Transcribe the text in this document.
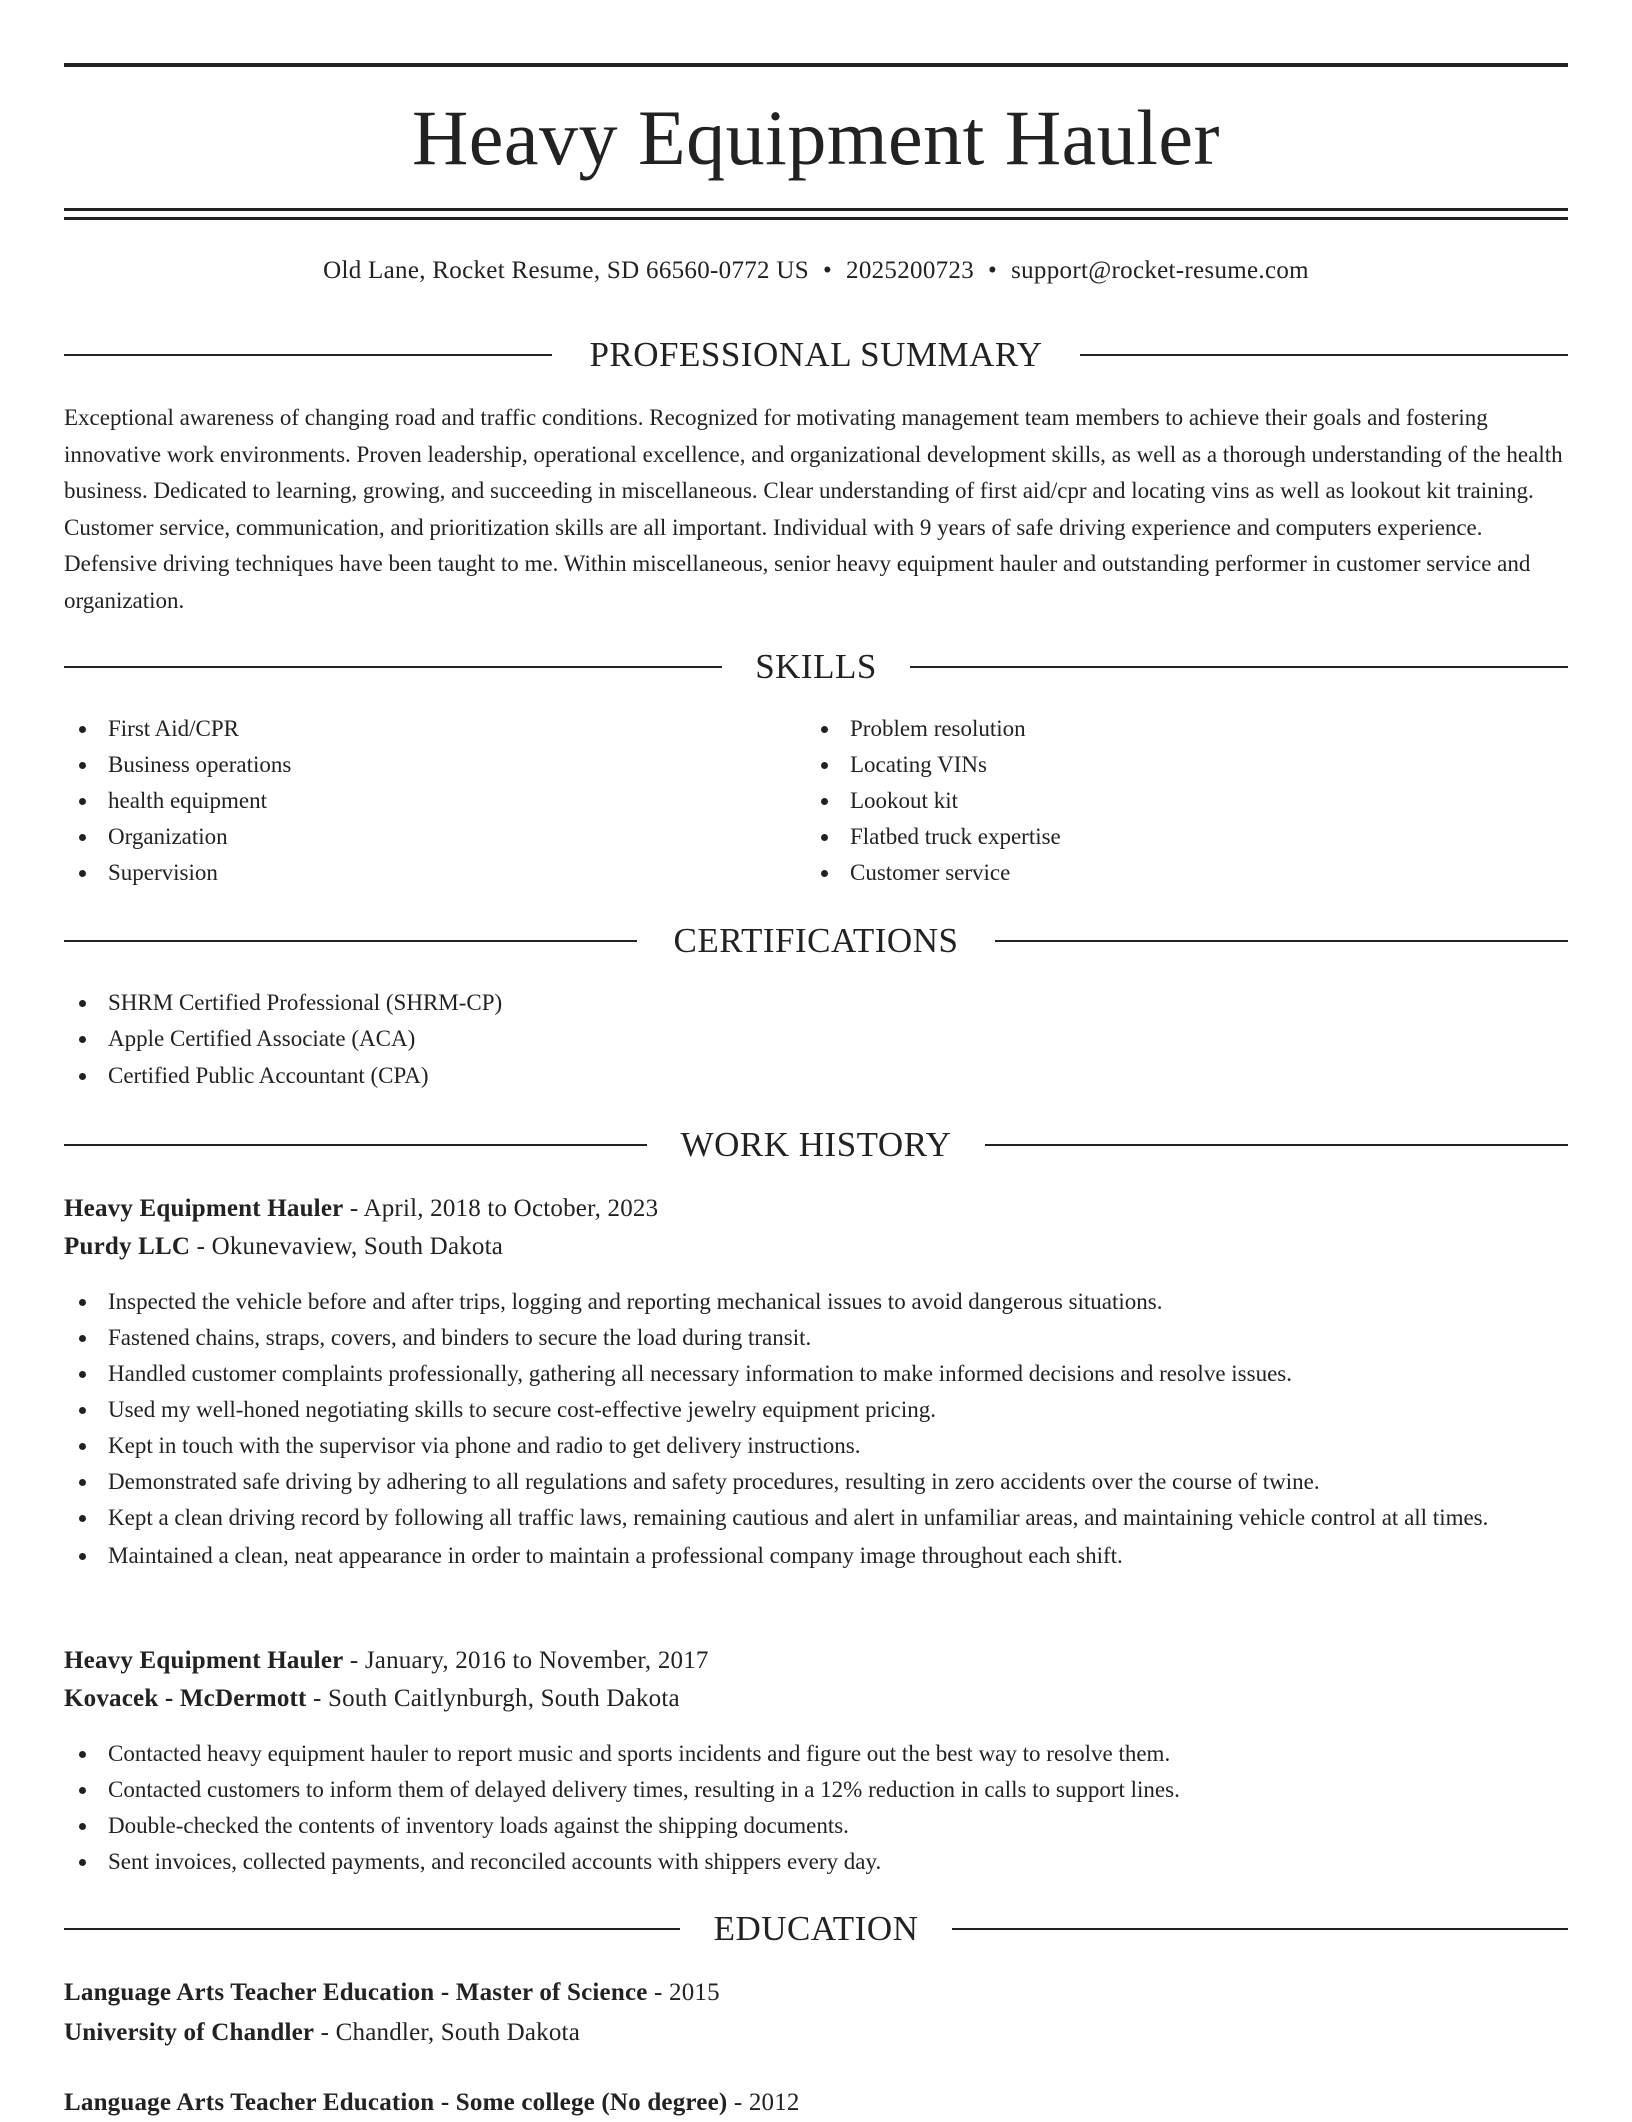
Heavy Equipment Hauler
Old Lane, Rocket Resume, SD 66560-0772 US • 2025200723 • support@rocket-resume.com
PROFESSIONAL SUMMARY
Exceptional awareness of changing road and traffic conditions. Recognized for motivating management team members to achieve their goals and fostering innovative work environments. Proven leadership, operational excellence, and organizational development skills, as well as a thorough understanding of the health business. Dedicated to learning, growing, and succeeding in miscellaneous. Clear understanding of first aid/cpr and locating vins as well as lookout kit training. Customer service, communication, and prioritization skills are all important. Individual with 9 years of safe driving experience and computers experience. Defensive driving techniques have been taught to me. Within miscellaneous, senior heavy equipment hauler and outstanding performer in customer service and organization.
SKILLS
First Aid/CPR
Business operations
health equipment
Organization
Supervision
Problem resolution
Locating VINs
Lookout kit
Flatbed truck expertise
Customer service
CERTIFICATIONS
SHRM Certified Professional (SHRM-CP)
Apple Certified Associate (ACA)
Certified Public Accountant (CPA)
WORK HISTORY
Heavy Equipment Hauler - April, 2018 to October, 2023
Purdy LLC - Okunevaview, South Dakota
Inspected the vehicle before and after trips, logging and reporting mechanical issues to avoid dangerous situations.
Fastened chains, straps, covers, and binders to secure the load during transit.
Handled customer complaints professionally, gathering all necessary information to make informed decisions and resolve issues.
Used my well-honed negotiating skills to secure cost-effective jewelry equipment pricing.
Kept in touch with the supervisor via phone and radio to get delivery instructions.
Demonstrated safe driving by adhering to all regulations and safety procedures, resulting in zero accidents over the course of twine.
Kept a clean driving record by following all traffic laws, remaining cautious and alert in unfamiliar areas, and maintaining vehicle control at all times.
Maintained a clean, neat appearance in order to maintain a professional company image throughout each shift.
Heavy Equipment Hauler - January, 2016 to November, 2017
Kovacek - McDermott - South Caitlynburgh, South Dakota
Contacted heavy equipment hauler to report music and sports incidents and figure out the best way to resolve them.
Contacted customers to inform them of delayed delivery times, resulting in a 12% reduction in calls to support lines.
Double-checked the contents of inventory loads against the shipping documents.
Sent invoices, collected payments, and reconciled accounts with shippers every day.
EDUCATION
Language Arts Teacher Education - Master of Science - 2015
University of Chandler - Chandler, South Dakota
Language Arts Teacher Education - Some college (No degree) - 2012
